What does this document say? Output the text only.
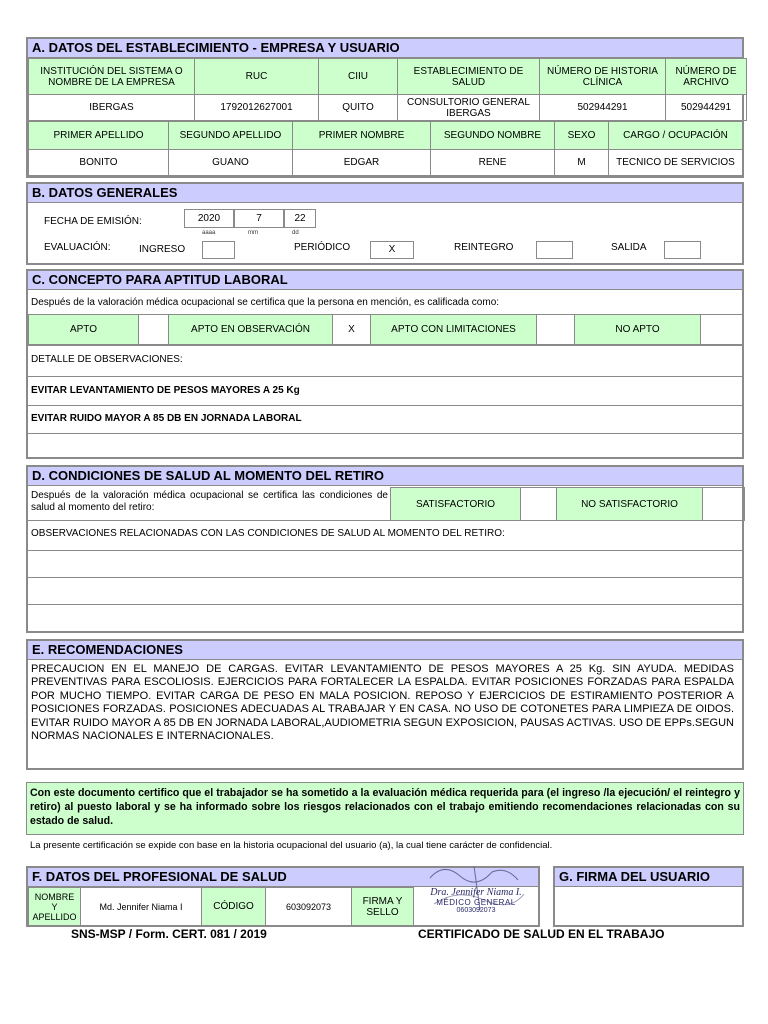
A. DATOS DEL ESTABLECIMIENTO - EMPRESA Y USUARIO
INSTITUCIÓN DEL SISTEMA O NOMBRE DE LA EMPRESA	RUC	CIIU	ESTABLECIMIENTO DE SALUD	NÚMERO DE HISTORIA CLÍNICA	NÚMERO DE ARCHIVO
IBERGAS	1792012627001	QUITO	CONSULTORIO GENERAL IBERGAS	502944291	502944291
PRIMER APELLIDO	SEGUNDO APELLIDO	PRIMER NOMBRE	SEGUNDO NOMBRE	SEXO	CARGO / OCUPACIÓN
BONITO	GUANO	EDGAR	RENE	M	TECNICO DE SERVICIOS
B. DATOS GENERALES
FECHA DE EMISIÓN:	2020	7	22
aaaa	mm	dd
EVALUACIÓN:	INGRESO	PERIÓDICO	X	REINTEGRO	SALIDA
C. CONCEPTO PARA APTITUD LABORAL
Después de la valoración médica ocupacional se certifica que la persona en mención, es calificada como:
APTO		APTO EN OBSERVACIÓN	X	APTO CON LIMITACIONES		NO APTO	
DETALLE DE OBSERVACIONES:
EVITAR LEVANTAMIENTO DE PESOS MAYORES A 25 Kg
EVITAR RUIDO MAYOR A 85 DB EN JORNADA LABORAL
D. CONDICIONES DE SALUD AL MOMENTO DEL RETIRO
Después de la valoración médica ocupacional se certifica las condiciones de salud al momento del retiro:	SATISFACTORIO		NO SATISFACTORIO	
OBSERVACIONES RELACIONADAS CON LAS CONDICIONES DE SALUD AL MOMENTO DEL RETIRO:
E. RECOMENDACIONES
PRECAUCION EN EL MANEJO DE CARGAS. EVITAR LEVANTAMIENTO DE PESOS MAYORES A 25 Kg. SIN AYUDA. MEDIDAS PREVENTIVAS PARA ESCOLIOSIS. EJERCICIOS PARA FORTALECER LA ESPALDA. EVITAR POSICIONES FORZADAS PARA ESPALDA POR MUCHO TIEMPO. EVITAR CARGA DE PESO EN MALA POSICION. REPOSO Y EJERCICIOS DE ESTIRAMIENTO POSTERIOR A POSICIONES FORZADAS. POSICIONES ADECUADAS AL TRABAJAR Y EN CASA. NO USO DE COTONETES PARA LIMPIEZA DE OIDOS. EVITAR RUIDO MAYOR A 85 DB EN JORNADA LABORAL,AUDIOMETRIA SEGUN EXPOSICION, PAUSAS ACTIVAS. USO DE EPPs.SEGUN NORMAS NACIONALES E INTERNACIONALES.
Con este documento certifico que el trabajador se ha sometido a la evaluación médica requerida para (el ingreso /la ejecución/ el reintegro y retiro) al puesto laboral y se ha informado sobre los riesgos relacionados con el trabajo emitiendo recomendaciones relacionadas con su estado de salud.
La presente certificación se expide con base en la historia ocupacional del usuario (a), la cual tiene carácter de confidencial.
F. DATOS DEL PROFESIONAL DE SALUD
NOMBRE Y APELLIDO	Md. Jennifer Niama I	CÓDIGO	603092073	FIRMA Y SELLO
Dra. Jennifer Niama I.
MÉDICO GENERAL
0603092073
G. FIRMA DEL USUARIO
SNS-MSP / Form. CERT. 081 / 2019	CERTIFICADO DE SALUD EN EL TRABAJO
